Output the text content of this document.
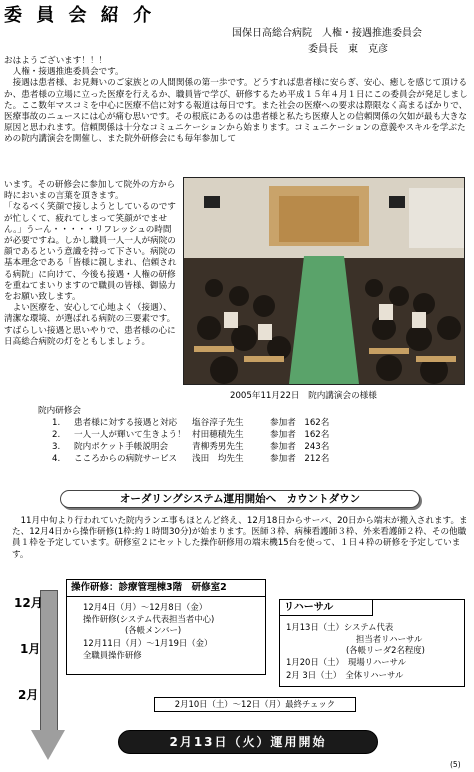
委 員 会 紹 介
国保日高総合病院　人権・接遇推進委員会
委員長　東　克彦
おはようございます！！！
　人権・接遇推進委員会です。
　接遇は患者様、お見舞いのご家族との人間関係の第一歩です。どうすれば患者様に安らぎ、安心、癒しを感じて頂けるか、患者様の立場に立った医療を行えるか、職員皆で学び、研修するため平成１５年４月１日にこの委員会が発足しました。ここ数年マスコミを中心に医療不信に対する報道は毎日です。また社会の医療への要求は際限なく高まるばかりで、医療事故のニュースには心が痛む思いです。その根底にあるのは患者様と私たち医療人との信頼関係の欠如が最も大きな原因と思われます。信頼関係は十分なコミュニケーションから始まります。コミュニケーションの意義やスキルを学ぶための院内講演会を開催し、また院外研修会にも毎年参加して
います。その研修会に参加して院外の方から時においまの言葉を頂きます。
「なるべく笑顔で接しようとしているのですが忙しくて、疲れてしまって笑顔がでません。」うーん・・・・・リフレッシュの時間が必要ですね。しかし職員一人一人が病院の顔であるという意識を持って下さい。病院の基本理念である「皆様に親しまれ、信頼される病院」に向けて、今後も接遇・人権の研修を重ねてまいりますので職員の皆様、御協力をお願い致します。
　よい医療を、安心して心地よく（接遇）、清潔な環境、が選ばれる病院の三要素です。すばらしい接遇と思いやりで、患者様の心に日高総合病院の灯をともしましょう。
2005年11月22日　院内講演会の様様
院内研修会
1. 患者様に対する接遇と対応 塩谷淳子先生	参加者　162名
2. 一人一人が輝いて生きよう！ 村田穂積先生	参加者　162名
3. 院内ポケット手帳説明会	青柳秀男先生	参加者　243名
4. こころからの病院サービス 浅田　均先生	参加者　212名
オーダリングシステム運用開始へ　カウントダウン
　11月中旬より行われていた院内ランエ事もほとんど終え、12月18日からサーバ、20日から端末が搬入されます。また、12月4日から操作研修(1枠:約１時間30分)が始まります。医師３枠、病棟看護師３枠、外来看護師２枠、その他職員１枠を予定しています。研修室２にセットした操作研修用の端末機15台を使って、１日４枠の研修を予定しています。
12月
1月
2月
操作研修：診療管理棟3階　研修室2
12月4日（月）～12月8日（金）
操作研修(システム代表担当者中心)
(各帳メンバー)
12月11日（月）～1月19日（金）
全職員操作研修
リハーサル
1月13日（土）システム代表
担当者リハーサル
(各帳リーダ2名程度)
1月20日（土）　現場リハーサル
2月 3日（土）　全体リハーサル
2月10日（土）～12日（月）最終チェック
2月13日（火）運用開始
(5)
